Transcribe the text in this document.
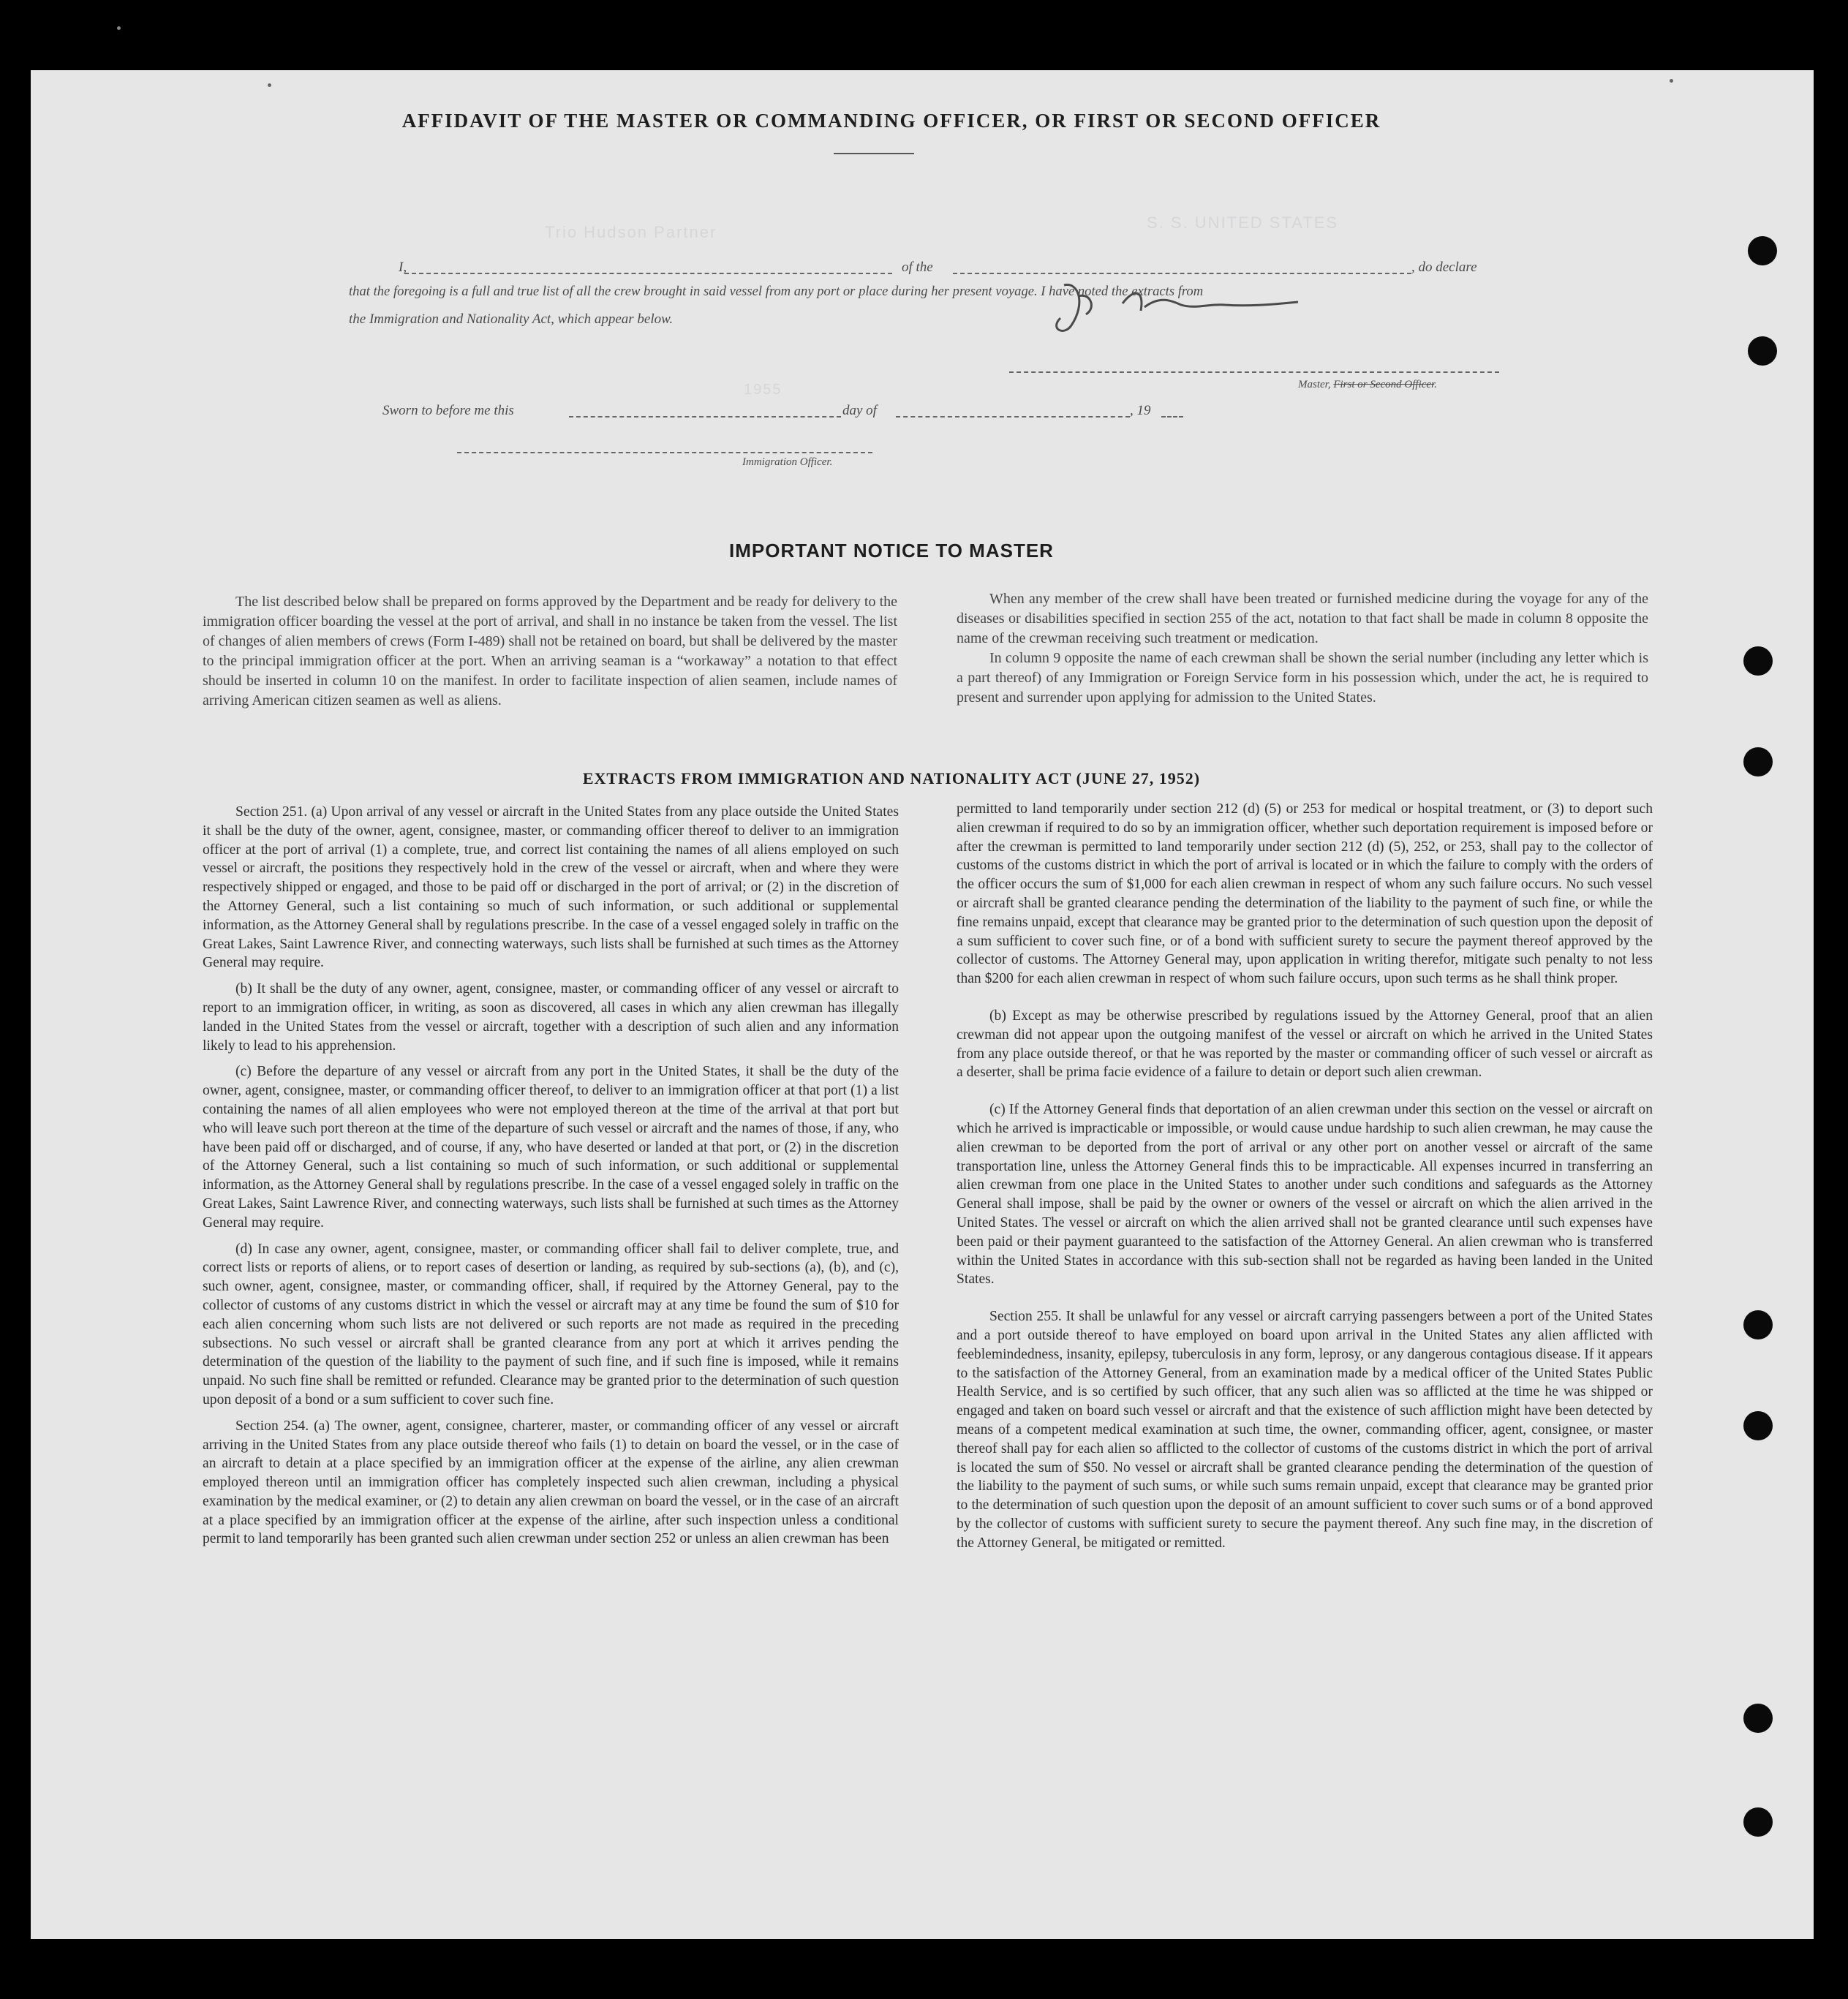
AFFIDAVIT OF THE MASTER OR COMMANDING OFFICER, OR FIRST OR SECOND OFFICER
Trio Hudson Partner
S. S. UNITED STATES
I,	of the	, do declare
that the foregoing is a full and true list of all the crew brought in said vessel from any port or place during her present voyage. I have noted the extracts from
the Immigration and Nationality Act, which appear below.
Master, First or Second Officer.
1955
Sworn to before me this	day of	, 19
Immigration Officer.
IMPORTANT NOTICE TO MASTER

The list described below shall be prepared on forms approved by the Department and be ready for delivery to the immigration officer boarding the vessel at the port of arrival, and shall in no instance be taken from the vessel. The list of changes of alien members of crews (Form I-489) shall not be retained on board, but shall be delivered by the master to the principal immigration officer at the port. When an arriving seaman is a “workaway” a notation to that effect should be inserted in column 10 on the manifest. In order to facilitate inspection of alien seamen, include names of arriving American citizen seamen as well as aliens.

When any member of the crew shall have been treated or furnished medicine during the voyage for any of the diseases or disabilities specified in section 255 of the act, notation to that fact shall be made in column 8 opposite the name of the crewman receiving such treatment or medication.

In column 9 opposite the name of each crewman shall be shown the serial number (including any letter which is a part thereof) of any Immigration or Foreign Service form in his possession which, under the act, he is required to present and surrender upon applying for admission to the United States.

EXTRACTS FROM IMMIGRATION AND NATIONALITY ACT (JUNE 27, 1952)

Section 251. (a) Upon arrival of any vessel or aircraft in the United States from any place outside the United States it shall be the duty of the owner, agent, consignee, master, or commanding officer thereof to deliver to an immigration officer at the port of arrival (1) a complete, true, and correct list containing the names of all aliens employed on such vessel or aircraft, the positions they respectively hold in the crew of the vessel or aircraft, when and where they were respectively shipped or engaged, and those to be paid off or discharged in the port of arrival; or (2) in the discretion of the Attorney General, such a list containing so much of such information, or such additional or supplemental information, as the Attorney General shall by regulations prescribe. In the case of a vessel engaged solely in traffic on the Great Lakes, Saint Lawrence River, and connecting waterways, such lists shall be furnished at such times as the Attorney General may require.

(b) It shall be the duty of any owner, agent, consignee, master, or commanding officer of any vessel or aircraft to report to an immigration officer, in writing, as soon as discovered, all cases in which any alien crewman has illegally landed in the United States from the vessel or aircraft, together with a description of such alien and any information likely to lead to his apprehension.

(c) Before the departure of any vessel or aircraft from any port in the United States, it shall be the duty of the owner, agent, consignee, master, or commanding officer thereof, to deliver to an immigration officer at that port (1) a list containing the names of all alien employees who were not employed thereon at the time of the arrival at that port but who will leave such port thereon at the time of the departure of such vessel or aircraft and the names of those, if any, who have been paid off or discharged, and of course, if any, who have deserted or landed at that port, or (2) in the discretion of the Attorney General, such a list containing so much of such information, or such additional or supplemental information, as the Attorney General shall by regulations prescribe. In the case of a vessel engaged solely in traffic on the Great Lakes, Saint Lawrence River, and connecting waterways, such lists shall be furnished at such times as the Attorney General may require.

(d) In case any owner, agent, consignee, master, or commanding officer shall fail to deliver complete, true, and correct lists or reports of aliens, or to report cases of desertion or landing, as required by sub-sections (a), (b), and (c), such owner, agent, consignee, master, or commanding officer, shall, if required by the Attorney General, pay to the collector of customs of any customs district in which the vessel or aircraft may at any time be found the sum of $10 for each alien concerning whom such lists are not delivered or such reports are not made as required in the preceding subsections. No such vessel or aircraft shall be granted clearance from any port at which it arrives pending the determination of the question of the liability to the payment of such fine, and if such fine is imposed, while it remains unpaid. No such fine shall be remitted or refunded. Clearance may be granted prior to the determination of such question upon deposit of a bond or a sum sufficient to cover such fine.

Section 254. (a) The owner, agent, consignee, charterer, master, or commanding officer of any vessel or aircraft arriving in the United States from any place outside thereof who fails (1) to detain on board the vessel, or in the case of an aircraft to detain at a place specified by an immigration officer at the expense of the airline, any alien crewman employed thereon until an immigration officer has completely inspected such alien crewman, including a physical examination by the medical examiner, or (2) to detain any alien crewman on board the vessel, or in the case of an aircraft at a place specified by an immigration officer at the expense of the airline, after such inspection unless a conditional permit to land temporarily has been granted such alien crewman under section 252 or unless an alien crewman has been

permitted to land temporarily under section 212 (d) (5) or 253 for medical or hospital treatment, or (3) to deport such alien crewman if required to do so by an immigration officer, whether such deportation requirement is imposed before or after the crewman is permitted to land temporarily under section 212 (d) (5), 252, or 253, shall pay to the collector of customs of the customs district in which the port of arrival is located or in which the failure to comply with the orders of the officer occurs the sum of $1,000 for each alien crewman in respect of whom any such failure occurs. No such vessel or aircraft shall be granted clearance pending the determination of the liability to the payment of such fine, or while the fine remains unpaid, except that clearance may be granted prior to the determination of such question upon the deposit of a sum sufficient to cover such fine, or of a bond with sufficient surety to secure the payment thereof approved by the collector of customs. The Attorney General may, upon application in writing therefor, mitigate such penalty to not less than $200 for each alien crewman in respect of whom such failure occurs, upon such terms as he shall think proper.

(b) Except as may be otherwise prescribed by regulations issued by the Attorney General, proof that an alien crewman did not appear upon the outgoing manifest of the vessel or aircraft on which he arrived in the United States from any place outside thereof, or that he was reported by the master or commanding officer of such vessel or aircraft as a deserter, shall be prima facie evidence of a failure to detain or deport such alien crewman.

(c) If the Attorney General finds that deportation of an alien crewman under this section on the vessel or aircraft on which he arrived is impracticable or impossible, or would cause undue hardship to such alien crewman, he may cause the alien crewman to be deported from the port of arrival or any other port on another vessel or aircraft of the same transportation line, unless the Attorney General finds this to be impracticable. All expenses incurred in transferring an alien crewman from one place in the United States to another under such conditions and safeguards as the Attorney General shall impose, shall be paid by the owner or owners of the vessel or aircraft on which the alien arrived in the United States. The vessel or aircraft on which the alien arrived shall not be granted clearance until such expenses have been paid or their payment guaranteed to the satisfaction of the Attorney General. An alien crewman who is transferred within the United States in accordance with this sub-section shall not be regarded as having been landed in the United States.

Section 255. It shall be unlawful for any vessel or aircraft carrying passengers between a port of the United States and a port outside thereof to have employed on board upon arrival in the United States any alien afflicted with feeblemindedness, insanity, epilepsy, tuberculosis in any form, leprosy, or any dangerous contagious disease. If it appears to the satisfaction of the Attorney General, from an examination made by a medical officer of the United States Public Health Service, and is so certified by such officer, that any such alien was so afflicted at the time he was shipped or engaged and taken on board such vessel or aircraft and that the existence of such affliction might have been detected by means of a competent medical examination at such time, the owner, commanding officer, agent, consignee, or master thereof shall pay for each alien so afflicted to the collector of customs of the customs district in which the port of arrival is located the sum of $50. No vessel or aircraft shall be granted clearance pending the determination of the question of the liability to the payment of such sums, or while such sums remain unpaid, except that clearance may be granted prior to the determination of such question upon the deposit of an amount sufficient to cover such sums or of a bond approved by the collector of customs with sufficient surety to secure the payment thereof. Any such fine may, in the discretion of the Attorney General, be mitigated or remitted.
